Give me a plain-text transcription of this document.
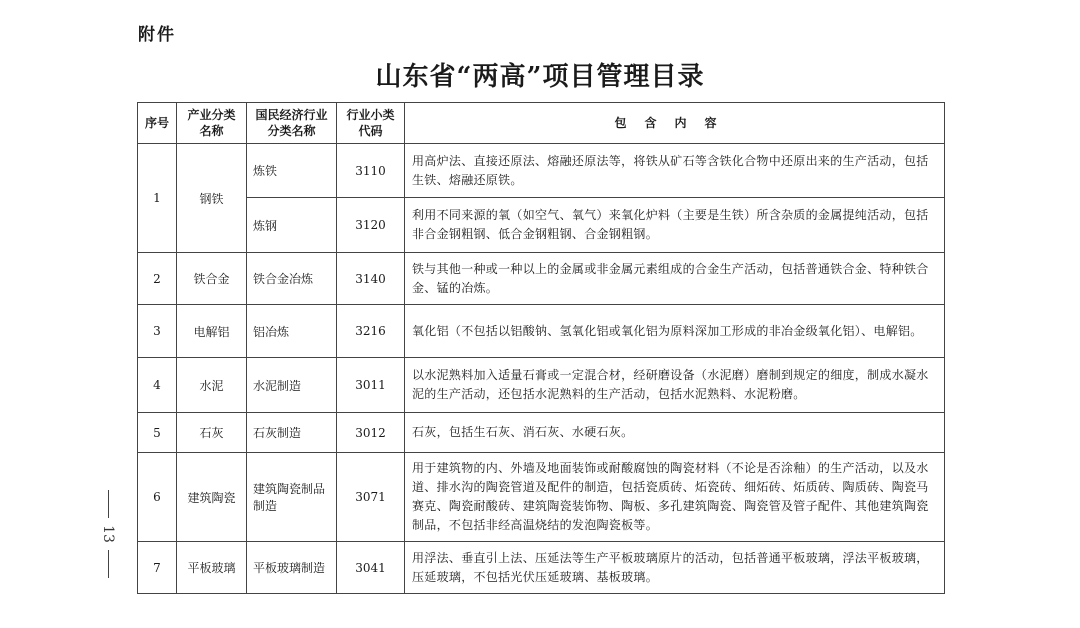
附件
山东省“两高”项目管理目录
13
序号	产业分类名称	国民经济行业分类名称	行业小类代码	包含内容
1	钢铁	炼铁	3110	用高炉法、直接还原法、熔融还原法等，将铁从矿石等含铁化合物中还原出来的生产活动，包括生铁、熔融还原铁。
		炼钢	3120	利用不同来源的氧（如空气、氧气）来氧化炉料（主要是生铁）所含杂质的金属提纯活动，包括非合金钢粗钢、低合金钢粗钢、合金钢粗钢。
2	铁合金	铁合金冶炼	3140	铁与其他一种或一种以上的金属或非金属元素组成的合金生产活动，包括普通铁合金、特种铁合金、锰的冶炼。
3	电解铝	铝冶炼	3216	氧化铝（不包括以铝酸钠、氢氧化铝或氧化铝为原料深加工形成的非冶金级氧化铝）、电解铝。
4	水泥	水泥制造	3011	以水泥熟料加入适量石膏或一定混合材，经研磨设备（水泥磨）磨制到规定的细度，制成水凝水泥的生产活动，还包括水泥熟料的生产活动，包括水泥熟料、水泥粉磨。
5	石灰	石灰制造	3012	石灰，包括生石灰、消石灰、水硬石灰。
6	建筑陶瓷	建筑陶瓷制品制造	3071	用于建筑物的内、外墙及地面装饰或耐酸腐蚀的陶瓷材料（不论是否涂釉）的生产活动，以及水道、排水沟的陶瓷管道及配件的制造，包括瓷质砖、炻瓷砖、细炻砖、炻质砖、陶质砖、陶瓷马赛克、陶瓷耐酸砖、建筑陶瓷装饰物、陶板、多孔建筑陶瓷、陶瓷管及管子配件、其他建筑陶瓷制品，不包括非经高温烧结的发泡陶瓷板等。
7	平板玻璃	平板玻璃制造	3041	用浮法、垂直引上法、压延法等生产平板玻璃原片的活动，包括普通平板玻璃，浮法平板玻璃，压延玻璃，不包括光伏压延玻璃、基板玻璃。
